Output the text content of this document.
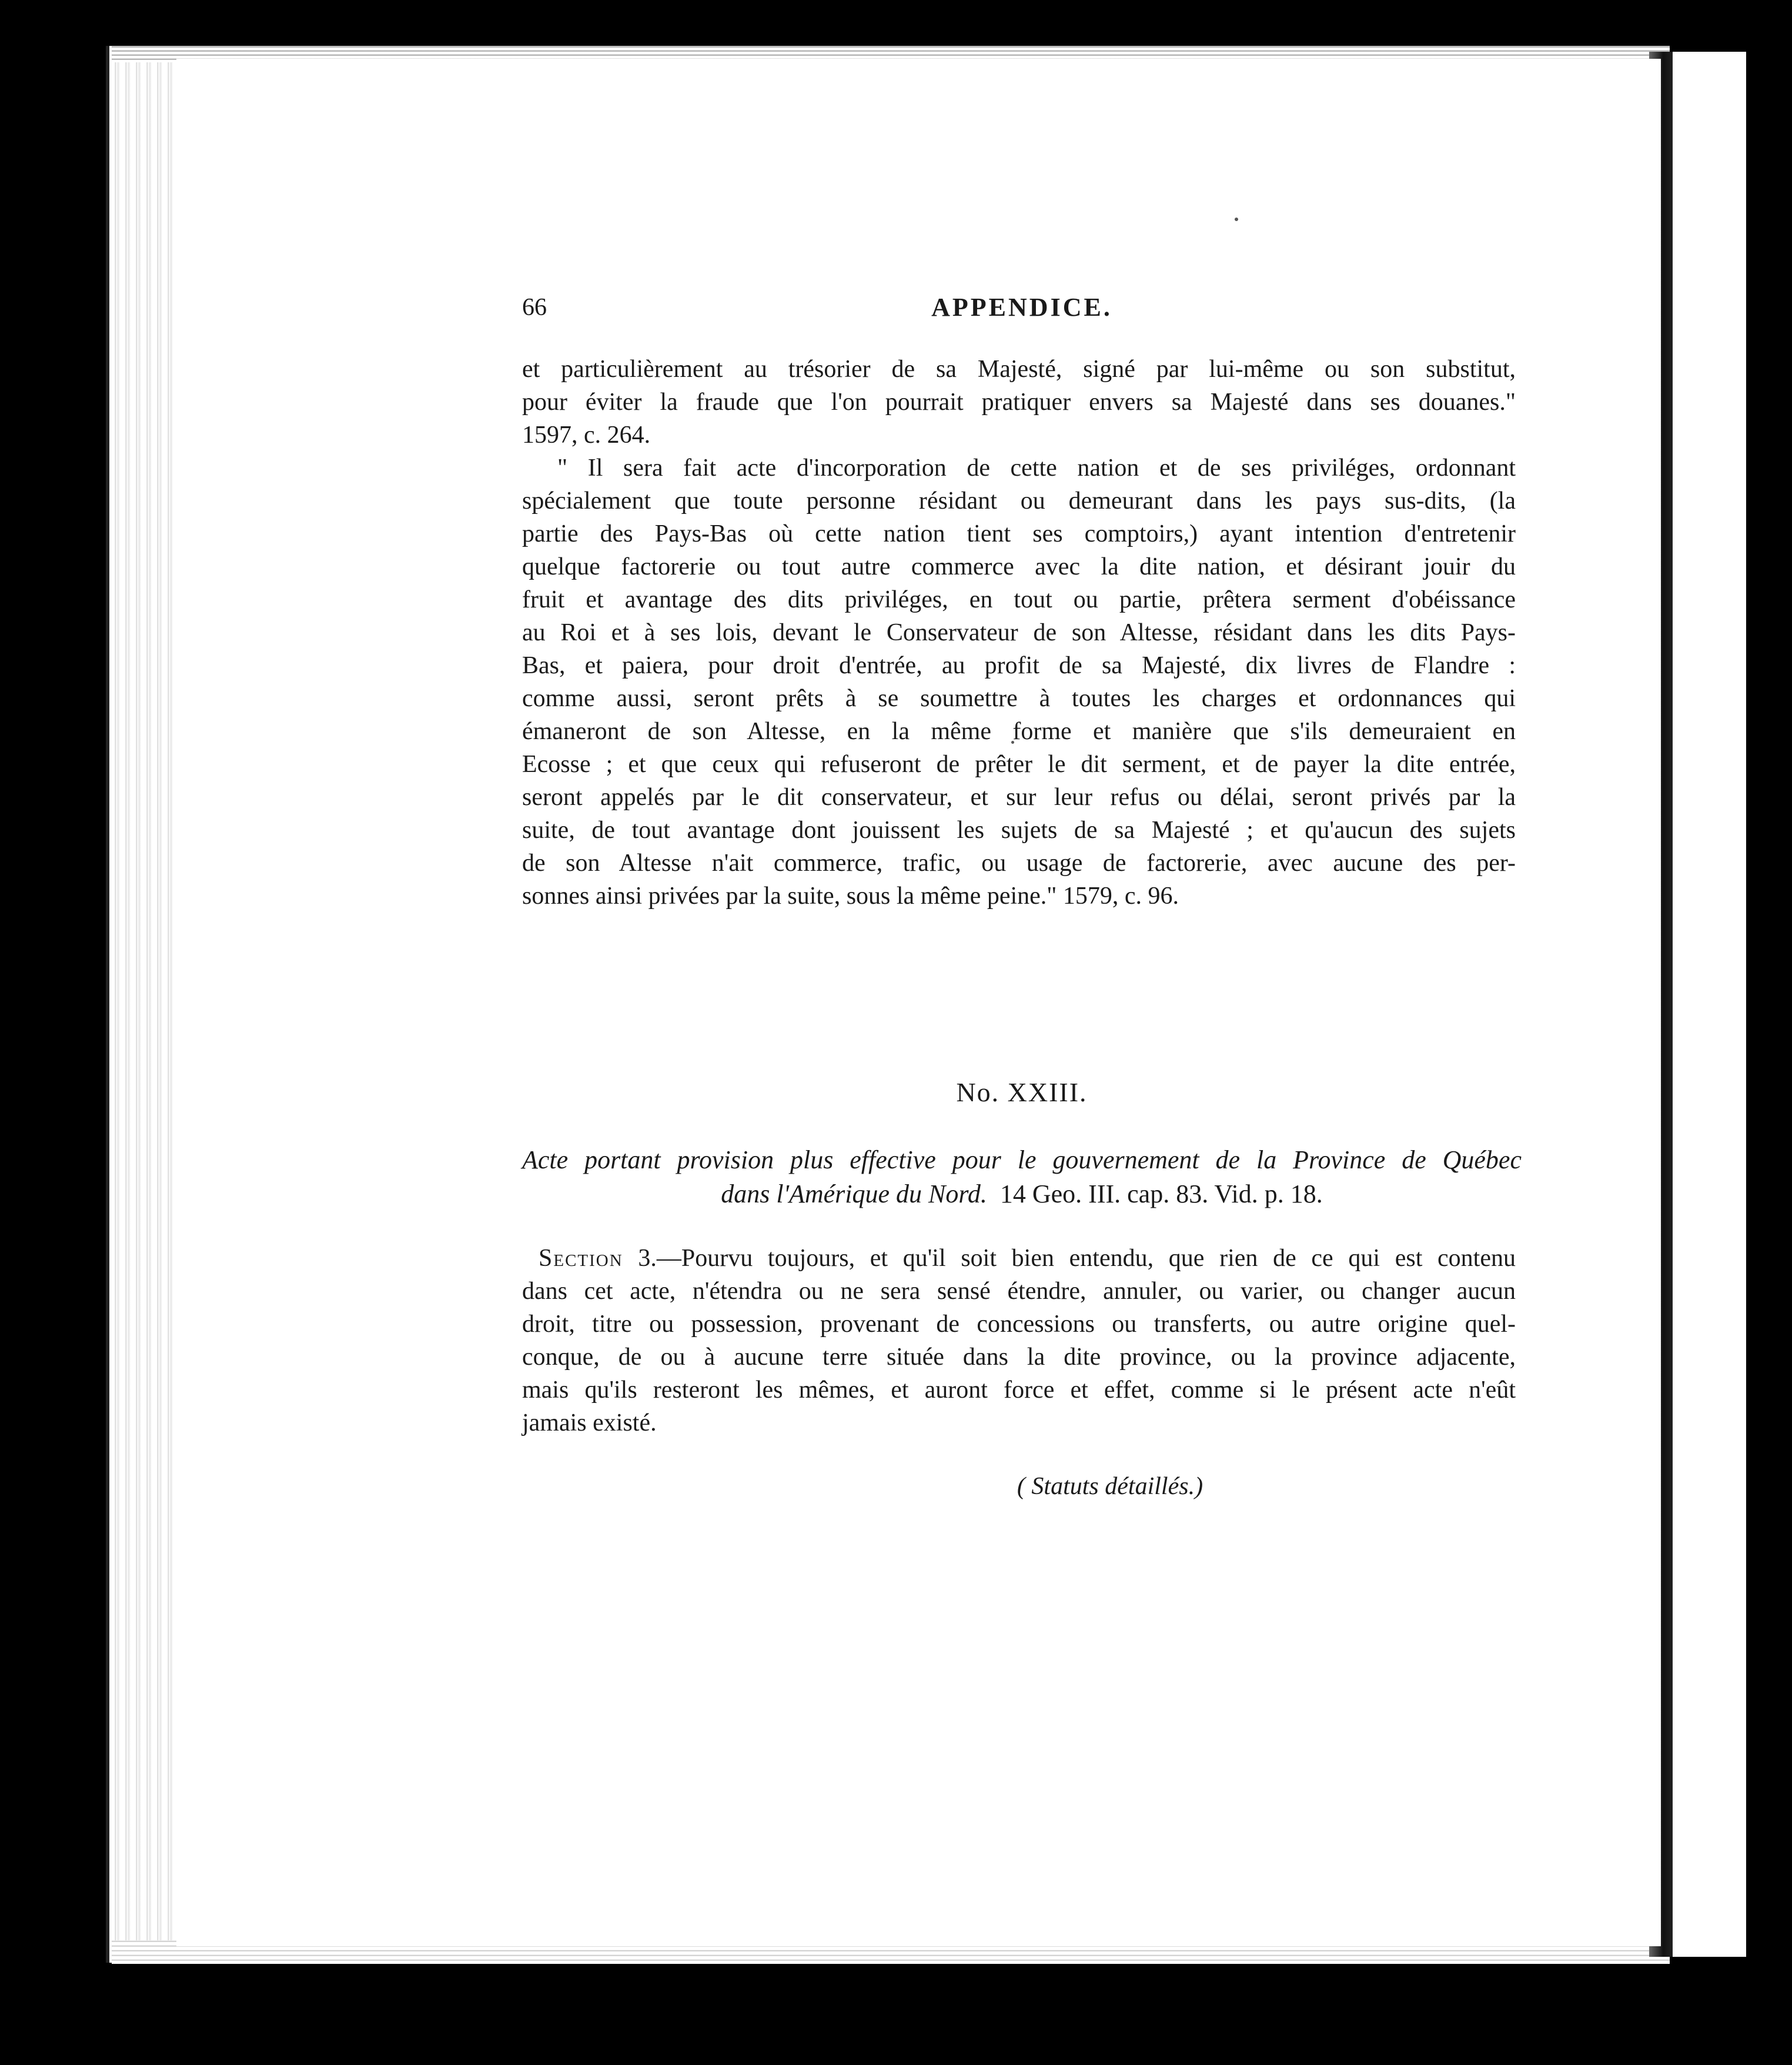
66	APPENDICE.
et particulièrement au trésorier de sa Majesté, signé par lui-même ou son substitut,
pour éviter la fraude que l'on pourrait pratiquer envers sa Majesté dans ses douanes."
1597, c. 264.
" Il sera fait acte d'incorporation de cette nation et de ses priviléges, ordonnant
spécialement que toute personne résidant ou demeurant dans les pays sus-dits, (la
partie des Pays-Bas où cette nation tient ses comptoirs,) ayant intention d'entretenir
quelque factorerie ou tout autre commerce avec la dite nation, et désirant jouir du
fruit et avantage des dits priviléges, en tout ou partie, prêtera serment d'obéissance
au Roi et à ses lois, devant le Conservateur de son Altesse, résidant dans les dits Pays-
Bas, et paiera, pour droit d'entrée, au profit de sa Majesté, dix livres de Flandre :
comme aussi, seront prêts à se soumettre à toutes les charges et ordonnances qui
émaneront de son Altesse, en la même forme et manière que s'ils demeuraient en
Ecosse ; et que ceux qui refuseront de prêter le dit serment, et de payer la dite entrée,
seront appelés par le dit conservateur, et sur leur refus ou délai, seront privés par la
suite, de tout avantage dont jouissent les sujets de sa Majesté ; et qu'aucun des sujets
de son Altesse n'ait commerce, trafic, ou usage de factorerie, avec aucune des per-
sonnes ainsi privées par la suite, sous la même peine." 1579, c. 96.
No. XXIII.
Acte portant provision plus effective pour le gouvernement de la Province de Québec
dans l'Amérique du Nord. 14 Geo. III. cap. 83. Vid. p. 18.
Section 3.—Pourvu toujours, et qu'il soit bien entendu, que rien de ce qui est contenu
dans cet acte, n'étendra ou ne sera sensé étendre, annuler, ou varier, ou changer aucun
droit, titre ou possession, provenant de concessions ou transferts, ou autre origine quel-
conque, de ou à aucune terre située dans la dite province, ou la province adjacente,
mais qu'ils resteront les mêmes, et auront force et effet, comme si le présent acte n'eût
jamais existé.
( Statuts détaillés.)
